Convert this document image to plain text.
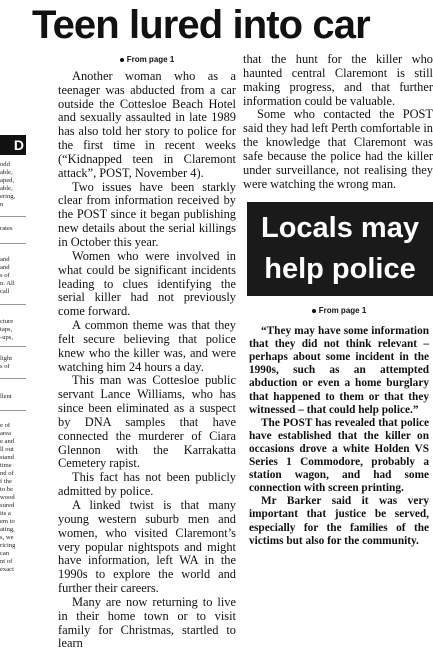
D
odd
able,
aped,
able,
ering,
n
rates
and
and
s of
n. All
call
cture
taps,
-ups,
light
s of
llent
e of
area
e and
ll out
stand
time
nd of
f the
to be
wood
sured
its a
em to
ating,
s, we
ricing
can
nt of
exact
Teen lured into car
From page 1

Another woman who as a teenager was abducted from a car outside the Cottesloe Beach Hotel and sexually assaulted in late 1989 has also told her story to police for the first time in recent weeks (“Kidnapped teen in Claremont attack”, POST, November 4).

Two issues have been starkly clear from information received by the POST since it began publishing new details about the serial killings in October this year.

Women who were involved in what could be significant incidents leading to clues identifying the serial killer had not previously come forward.

A common theme was that they felt secure believing that police knew who the killer was, and were watching him 24 hours a day.

This man was Cottesloe public servant Lance Williams, who has since been eliminated as a suspect by DNA samples that have connected the murderer of Ciara Glennon with the Karrakatta Cemetery rapist.

This fact has not been publicly admitted by police.

A linked twist is that many young western suburb men and women, who visited Claremont’s very popular nightspots and might have information, left WA in the 1990s to explore the world and further their careers.

Many are now returning to live in their home town or to visit family for Christmas, startled to learn

that the hunt for the killer who haunted central Claremont is still making progress, and that further information could be valuable.

Some who contacted the POST said they had left Perth comfortable in the knowledge that Claremont was safe because the police had the killer under surveillance, not realising they were watching the wrong man.

Locals may
help police
From page 1

“They may have some information that they did not think relevant – perhaps about some incident in the 1990s, such as an attempted abduction or even a home burglary that happened to them or that they witnessed – that could help police.”

The POST has revealed that police have established that the killer on occasions drove a white Holden VS Series 1 Commodore, probably a station wagon, and had some connection with screen printing.

Mr Barker said it was very important that justice be served, especially for the families of the victims but also for the community.
